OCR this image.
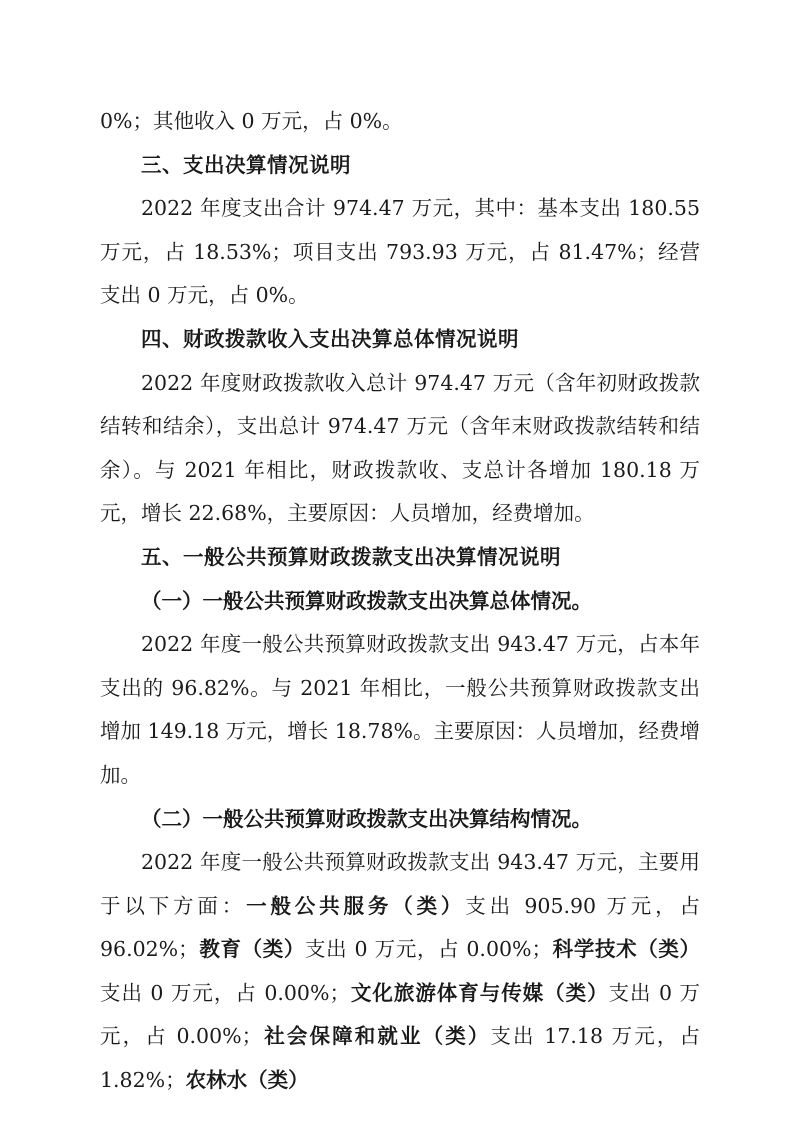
0%；其他收入 0 万元，占 0%。

三、支出决算情况说明

2022 年度支出合计 974.47 万元，其中：基本支出 180.55 万元，占 18.53%；项目支出 793.93 万元，占 81.47%；经营支出 0 万元，占 0%。

四、财政拨款收入支出决算总体情况说明

2022 年度财政拨款收入总计 974.47 万元（含年初财政拨款结转和结余），支出总计 974.47 万元（含年末财政拨款结转和结余）。与 2021 年相比，财政拨款收、支总计各增加 180.18 万元，增长 22.68%，主要原因：人员增加，经费增加。

五、一般公共预算财政拨款支出决算情况说明

（一）一般公共预算财政拨款支出决算总体情况。

2022 年度一般公共预算财政拨款支出 943.47 万元，占本年支出的 96.82%。与 2021 年相比，一般公共预算财政拨款支出增加 149.18 万元，增长 18.78%。主要原因：人员增加，经费增加。

（二）一般公共预算财政拨款支出决算结构情况。

2022 年度一般公共预算财政拨款支出 943.47 万元，主要用于以下方面：一般公共服务（类）支出 905.90 万元，占 96.02%；教育（类）支出 0 万元，占 0.00%；科学技术（类）支出 0 万元，占 0.00%；文化旅游体育与传媒（类）支出 0 万元，占 0.00%；社会保障和就业（类）支出 17.18 万元，占 1.82%；农林水（类）
